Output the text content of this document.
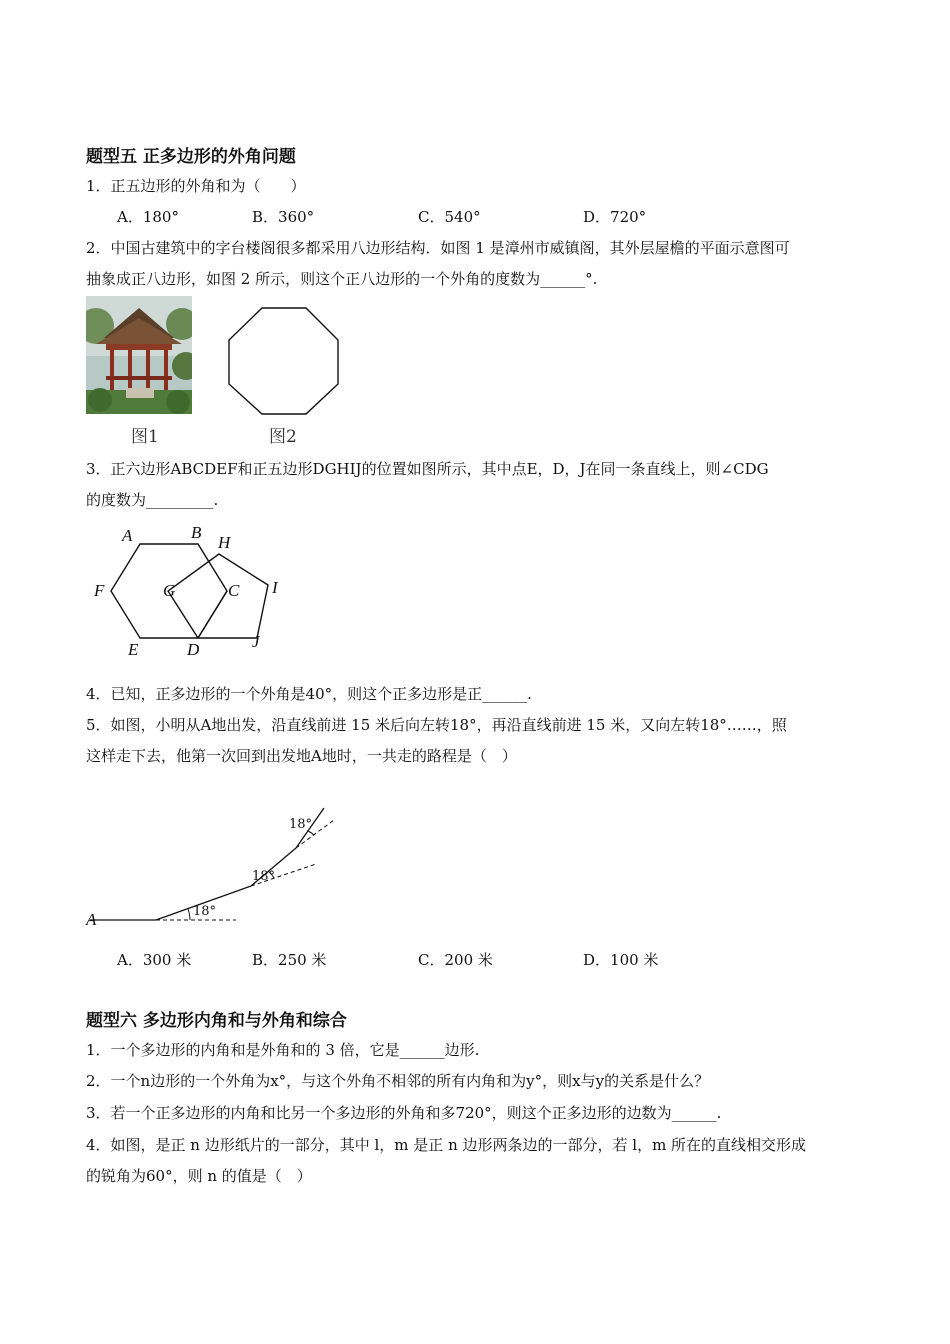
题型五 正多边形的外角问题
1．正五边形的外角和为（　　）
A．180°	B．360°	C．540°	D．720°
2．中国古建筑中的字台楼阁很多都采用八边形结构．如图 1 是漳州市威镇阁，其外层屋檐的平面示意图可
抽象成正八边形，如图 2 所示，则这个正八边形的一个外角的度数为______°.
图1	图2
3．正六边形ABCDEF和正五边形DGHIJ的位置如图所示，其中点E，D，J在同一条直线上，则∠CDG
的度数为_________.
A	B
H
F	G	C I
E	D	J
4．已知，正多边形的一个外角是40°，则这个正多边形是正______.
5．如图，小明从A地出发，沿直线前进 15 米后向左转18°，再沿直线前进 15 米，又向左转18°……，照
这样走下去，他第一次回到出发地A地时，一共走的路程是（　）
A	18°
18°
18°
A．300 米	B．250 米	C．200 米	D．100 米
题型六 多边形内角和与外角和综合
1．一个多边形的内角和是外角和的 3 倍，它是______边形.
2．一个n边形的一个外角为x°，与这个外角不相邻的所有内角和为y°，则x与y的关系是什么？
3．若一个正多边形的内角和比另一个多边形的外角和多720°，则这个正多边形的边数为______.
4．如图，是正 n 边形纸片的一部分，其中 l，m 是正 n 边形两条边的一部分，若 l，m 所在的直线相交形成
的锐角为60°，则 n 的值是（　）
